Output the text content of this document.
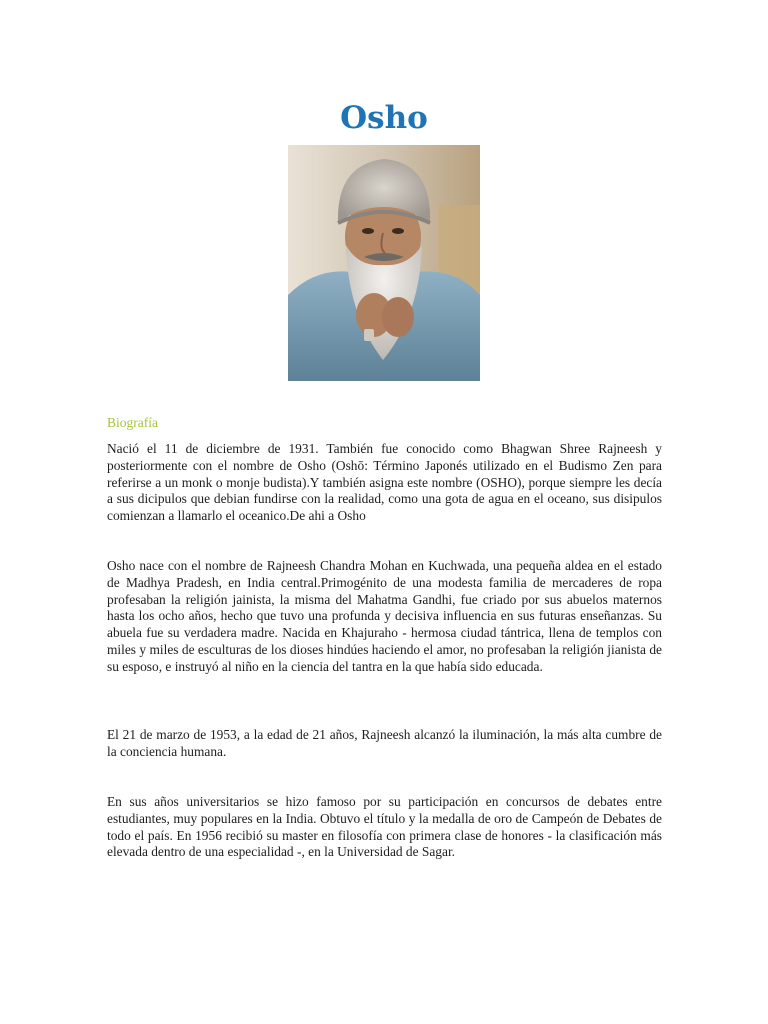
Osho
Biografía

Nació el 11 de diciembre de 1931. También fue conocido como Bhagwan Shree Rajneesh y posteriormente con el nombre de Osho (Oshō: Término Japonés utilizado en el Budismo Zen para referirse a un monk o monje budista).Y también asigna este nombre (OSHO), porque siempre les decía a sus dicipulos que debian fundirse con la realidad, como una gota de agua en el oceano, sus disipulos comienzan a llamarlo el oceanico.De ahi a Osho

Osho nace con el nombre de Rajneesh Chandra Mohan en Kuchwada, una pequeña aldea en el estado de Madhya Pradesh, en India central.Primogénito de una modesta familia de mercaderes de ropa profesaban la religión jainista, la misma del Mahatma Gandhi, fue criado por sus abuelos maternos hasta los ocho años, hecho que tuvo una profunda y decisiva influencia en sus futuras enseñanzas. Su abuela fue su verdadera madre. Nacida en Khajuraho - hermosa ciudad tántrica, llena de templos con miles y miles de esculturas de los dioses hindúes haciendo el amor, no profesaban la religión jianista de su esposo, e instruyó al niño en la ciencia del tantra en la que había sido educada.

El 21 de marzo de 1953, a la edad de 21 años, Rajneesh alcanzó la iluminación, la más alta cumbre de la conciencia humana.

En sus años universitarios se hizo famoso por su participación en concursos de debates entre estudiantes, muy populares en la India. Obtuvo el título y la medalla de oro de Campeón de Debates de todo el país. En 1956 recibió su master en filosofía con primera clase de honores - la clasificación más elevada dentro de una especialidad -, en la Universidad de Sagar.
